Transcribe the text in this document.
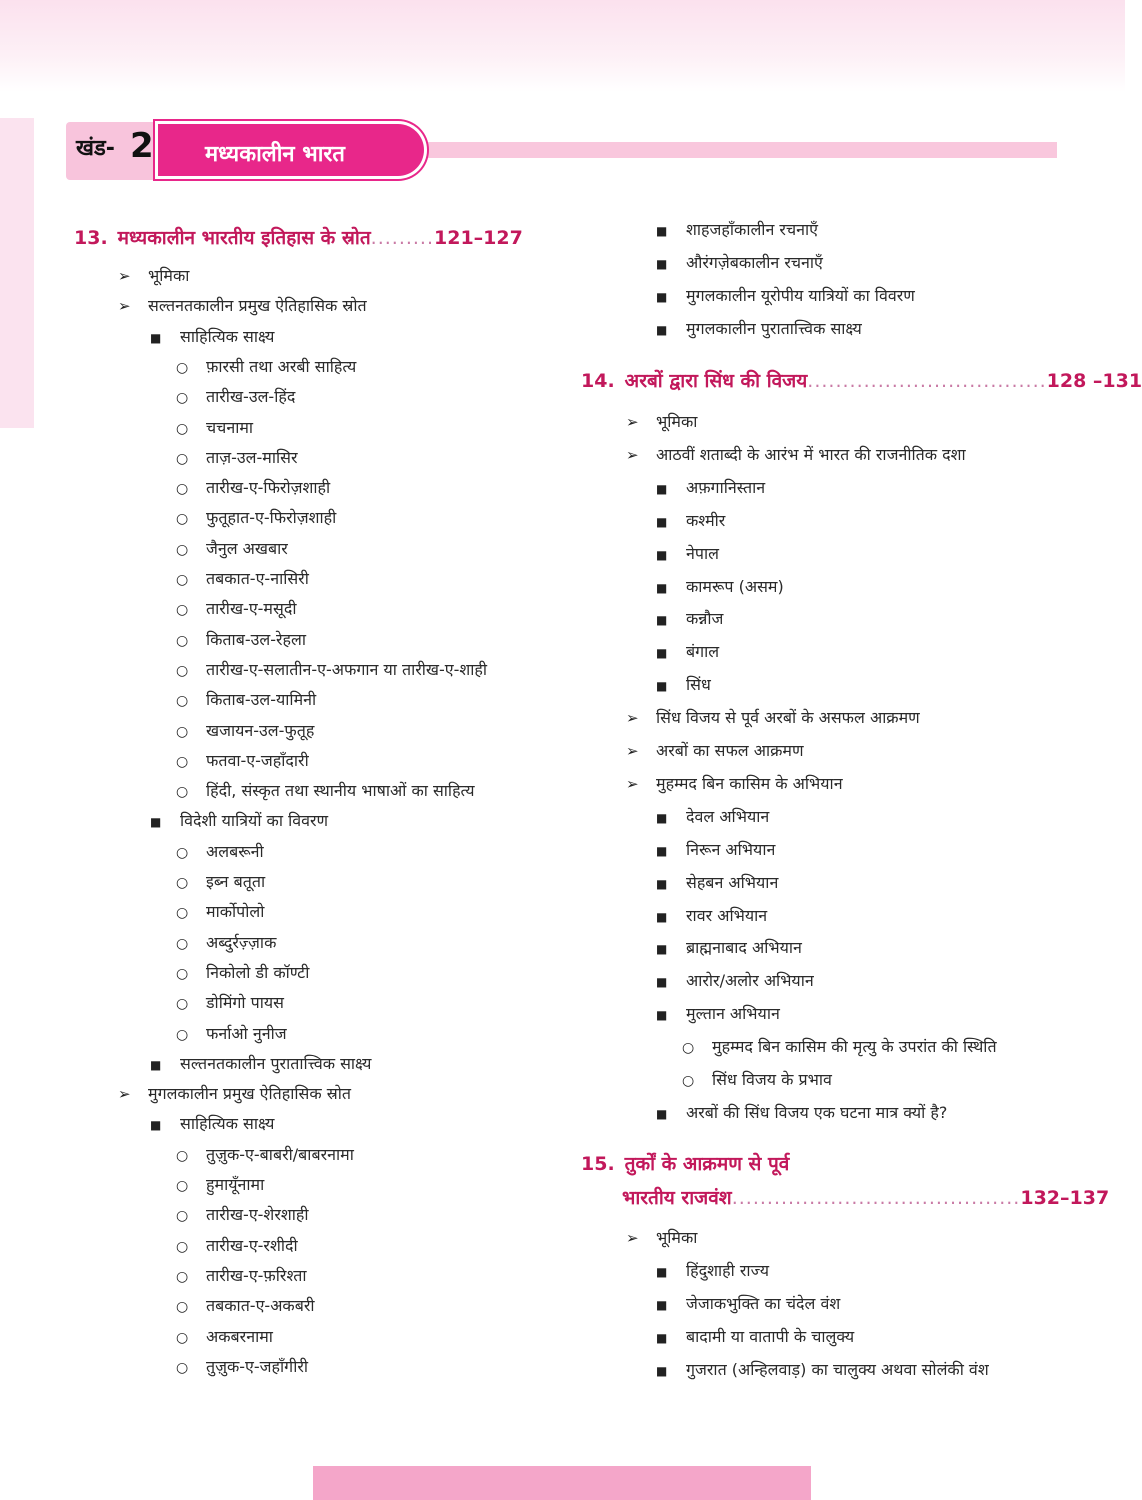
खंड- 2 मध्यकालीन भारत
13. मध्यकालीन भारतीय इतिहास के स्रोत.........121–127
14. अरबों द्वारा सिंध की विजय..................................128 –131
15. तुर्कों के आक्रमण से पूर्व
भारतीय राजवंश.........................................132–137
➢ भूमिका
➢ सल्तनतकालीन प्रमुख ऐतिहासिक स्रोत
■ साहित्यिक साक्ष्य
○ फ़ारसी तथा अरबी साहित्य
○ तारीख-उल-हिंद
○ चचनामा
○ ताज़-उल-मासिर
○ तारीख-ए-फिरोज़शाही
○ फुतूहात-ए-फिरोज़शाही
○ जैनुल अखबार
○ तबकात-ए-नासिरी
○ तारीख-ए-मसूदी
○ किताब-उल-रेहला
○ तारीख-ए-सलातीन-ए-अफगान या तारीख-ए-शाही
○ किताब-उल-यामिनी
○ खजायन-उल-फुतूह
○ फतवा-ए-जहाँदारी
○ हिंदी, संस्कृत तथा स्थानीय भाषाओं का साहित्य
■ विदेशी यात्रियों का विवरण
○ अलबरूनी
○ इब्न बतूता
○ मार्कोपोलो
○ अब्दुर्रज़्ज़ाक
○ निकोलो डी कॉण्टी
○ डोमिंगो पायस
○ फर्नाओ नुनीज
■ सल्तनतकालीन पुरातात्त्विक साक्ष्य
➢ मुगलकालीन प्रमुख ऐतिहासिक स्रोत
■ साहित्यिक साक्ष्य
○ तुज़ुक-ए-बाबरी/बाबरनामा
○ हुमायूँनामा
○ तारीख-ए-शेरशाही
○ तारीख-ए-रशीदी
○ तारीख-ए-फ़रिश्ता
○ तबकात-ए-अकबरी
○ अकबरनामा
○ तुज़ुक-ए-जहाँगीरी
■ शाहजहाँकालीन रचनाएँ
■ औरंगज़ेबकालीन रचनाएँ
■ मुगलकालीन यूरोपीय यात्रियों का विवरण
■ मुगलकालीन पुरातात्त्विक साक्ष्य
➢ भूमिका
➢ आठवीं शताब्दी के आरंभ में भारत की राजनीतिक दशा
■ अफ़गानिस्तान
■ कश्मीर
■ नेपाल
■ कामरूप (असम)
■ कन्नौज
■ बंगाल
■ सिंध
➢ सिंध विजय से पूर्व अरबों के असफल आक्रमण
➢ अरबों का सफल आक्रमण
➢ मुहम्मद बिन कासिम के अभियान
■ देवल अभियान
■ निरून अभियान
■ सेहबन अभियान
■ रावर अभियान
■ ब्राह्मनाबाद अभियान
■ आरोर/अलोर अभियान
■ मुल्तान अभियान
○ मुहम्मद बिन कासिम की मृत्यु के उपरांत की स्थिति
○ सिंध विजय के प्रभाव
■ अरबों की सिंध विजय एक घटना मात्र क्यों है?
➢ भूमिका
■ हिंदुशाही राज्य
■ जेजाकभुक्ति का चंदेल वंश
■ बादामी या वातापी के चालुक्य
■ गुजरात (अन्हिलवाड़) का चालुक्य अथवा सोलंकी वंश
